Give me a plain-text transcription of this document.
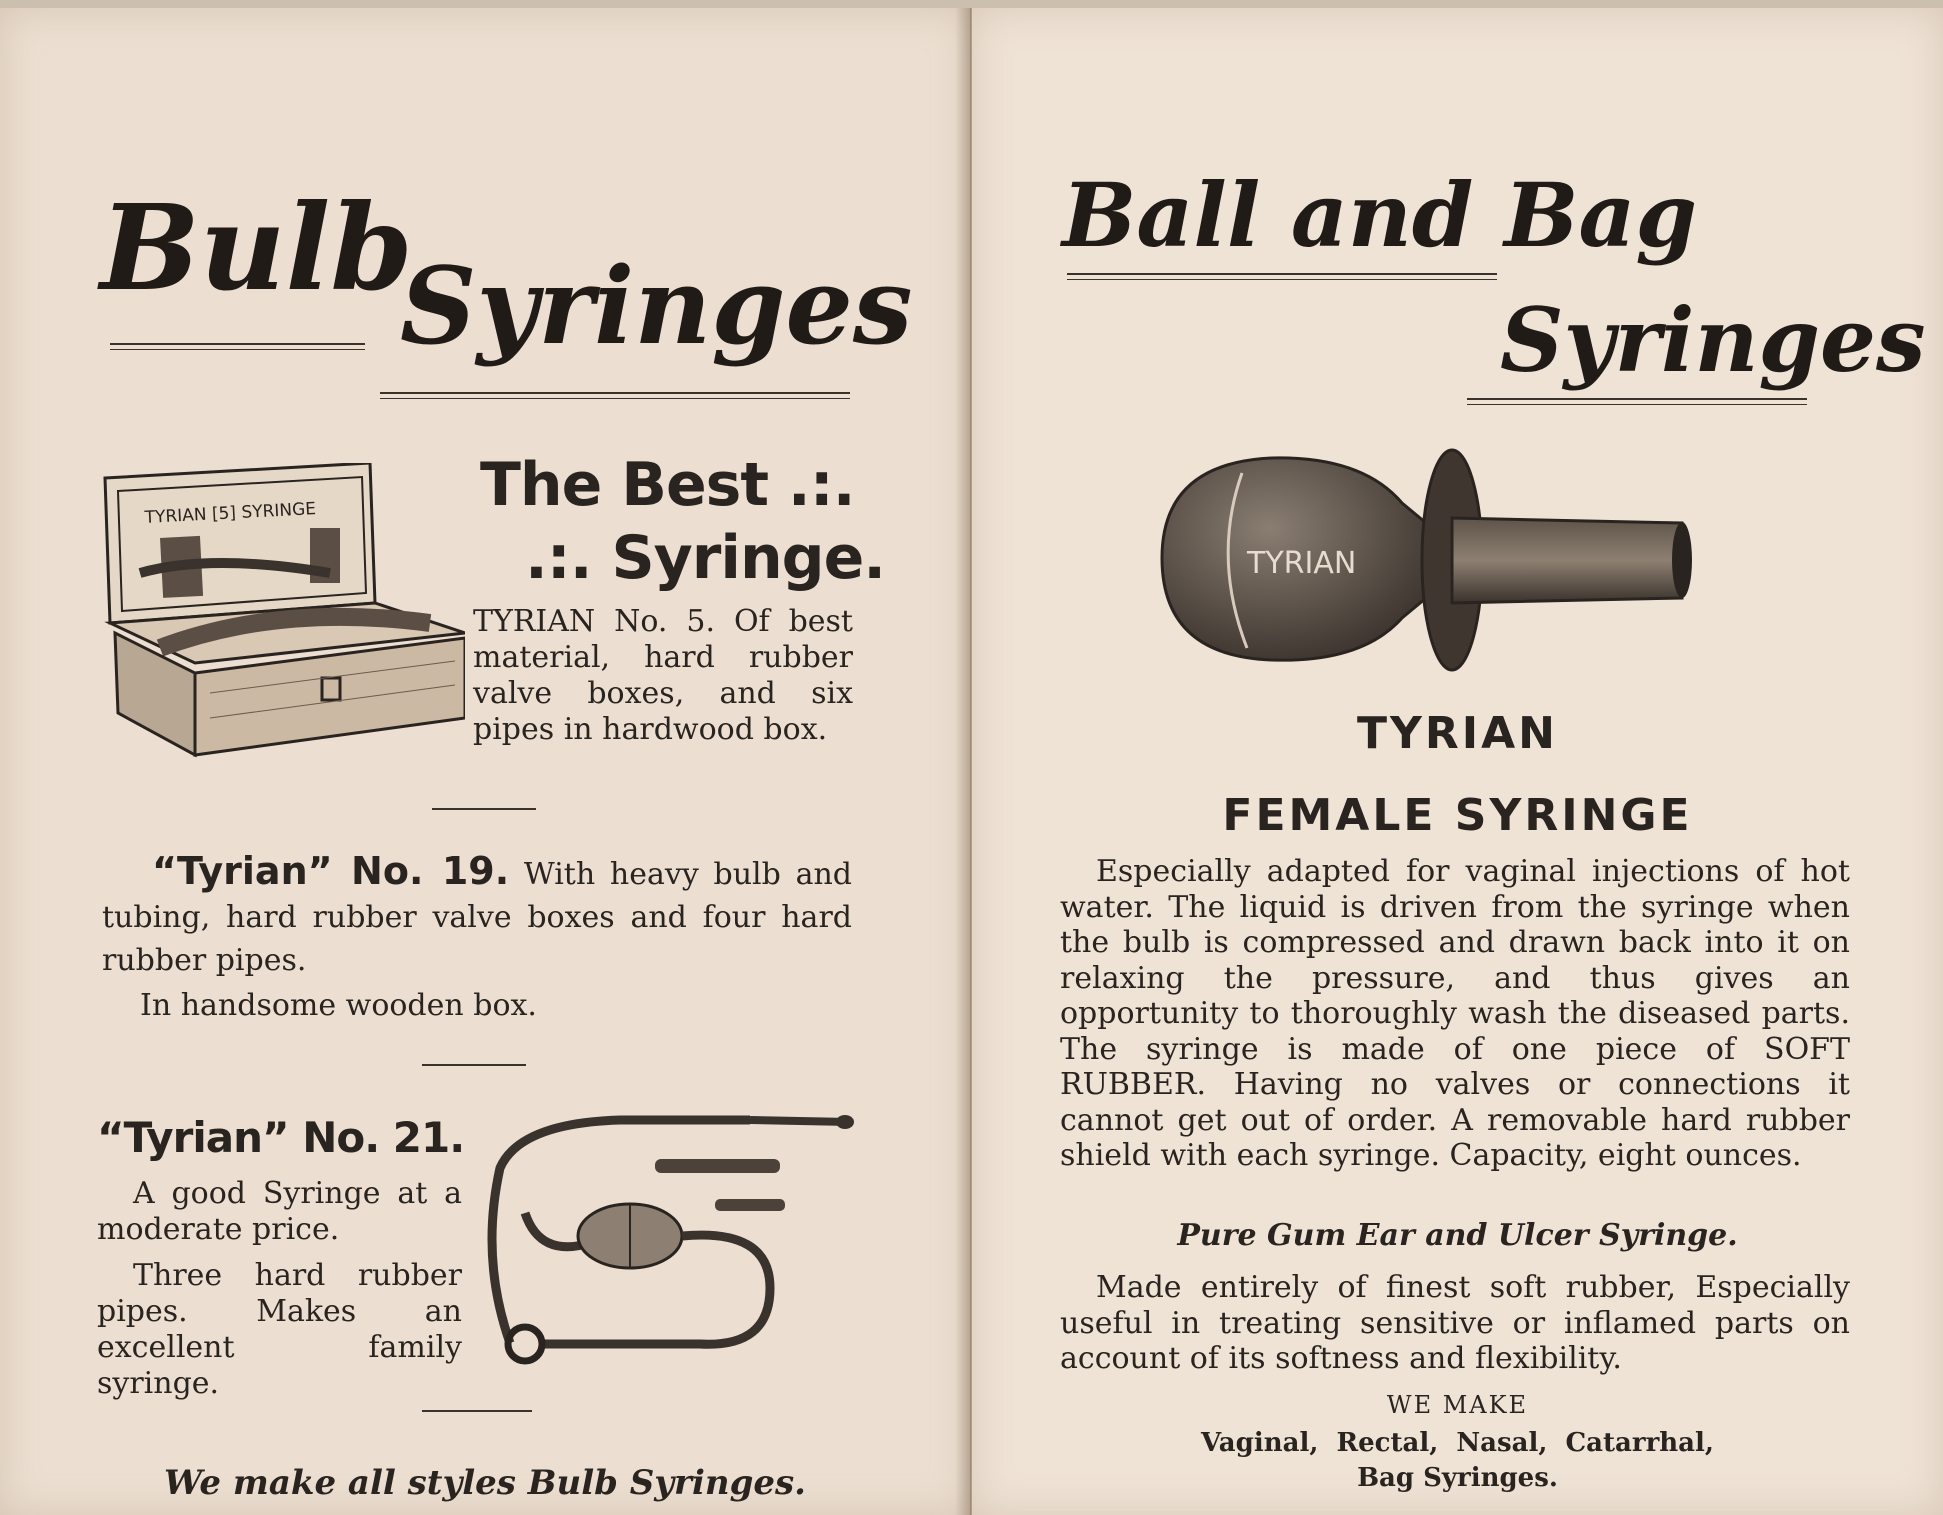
Bulb
Syringes
TYRIAN [5] SYRINGE	The Best .:.
.:. Syringe.
TYRIAN No. 5. Of best material, hard rubber valve boxes, and six pipes in hardwood box.
“Tyrian” No. 19. With heavy bulb and tubing, hard rubber valve boxes and four hard rubber pipes.
In handsome wooden box.
“Tyrian” No. 21.
A good Syringe at a moderate price.
Three hard rubber pipes. Makes an excellent family syringe.
We make all styles Bulb Syringes.
Ball and Bag
Syringes
TYRIAN
TYRIAN
FEMALE SYRINGE
Especially adapted for vaginal injections of hot water. The liquid is driven from the syringe when the bulb is compressed and drawn back into it on relaxing the pressure, and thus gives an opportunity to thoroughly wash the diseased parts. The syringe is made of one piece of SOFT RUBBER. Having no valves or connections it cannot get out of order. A removable hard rubber shield with each syringe. Capacity, eight ounces.
Pure Gum Ear and Ulcer Syringe.
Made entirely of finest soft rubber, Especially useful in treating sensitive or inflamed parts on account of its softness and flexibility.
WE MAKE
Vaginal,  Rectal,  Nasal,  Catarrhal,
Bag Syringes.
